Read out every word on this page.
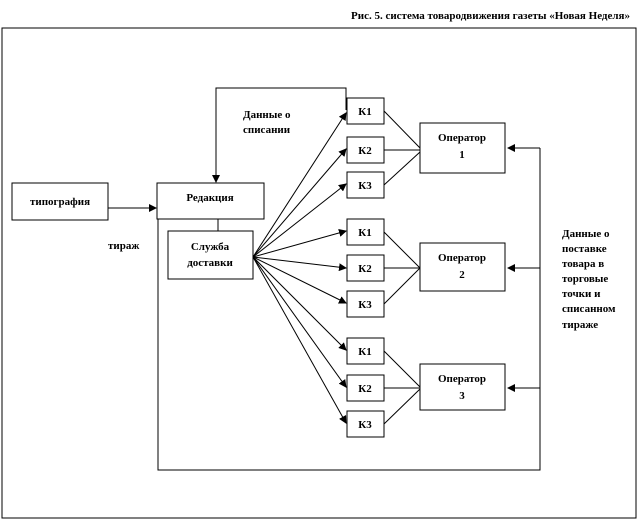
Рис. 5. система товародвижения газеты «Новая Неделя»
типография	Редакция
Служба
доставки
К1
К2
К3
К1
К2
К3
К1
К2
К3
Оператор
1
Оператор
2
Оператор
3
Данные о
списании
тираж
Данные о
поставке
товара в
торговые
точки и
списанном
тираже
